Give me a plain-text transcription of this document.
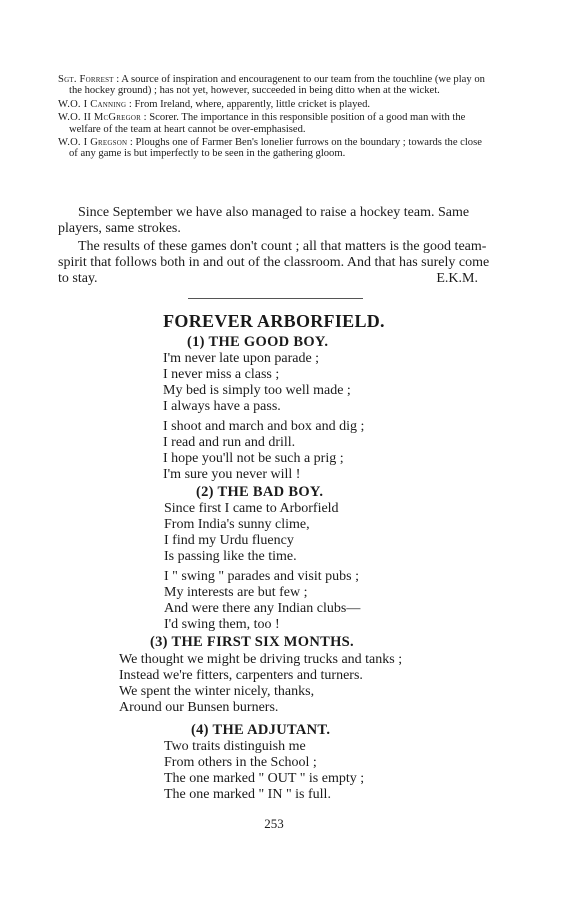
Sgt. Forrest : A source of inspiration and encouragenent to our team from the touchline (we play on the hockey ground) ; has not yet, however, succeeded in being ditto when at the wicket.
W.O. I Canning : From Ireland, where, apparently, little cricket is played.
W.O. II McGregor : Scorer. The importance in this responsible position of a good man with the welfare of the team at heart cannot be over-emphasised.
W.O. I Gregson : Ploughs one of Farmer Ben's lonelier furrows on the boundary ; towards the close of any game is but imperfectly to be seen in the gathering gloom.

Since September we have also managed to raise a hockey team. Same players, same strokes.

The results of these games don't count ; all that matters is the good team-spirit that follows both in and out of the classroom. And that has surely come to stay.	E.K.M.

FOREVER ARBORFIELD.
(1) THE GOOD BOY.
I'm never late upon parade ;
I never miss a class ;
My bed is simply too well made ;
I always have a pass.
I shoot and march and box and dig ;
I read and run and drill.
I hope you'll not be such a prig ;
I'm sure you never will !
(2) THE BAD BOY.
Since first I came to Arborfield
From India's sunny clime,
I find my Urdu fluency
Is passing like the time.
I " swing " parades and visit pubs ;
My interests are but few ;
And were there any Indian clubs—
I'd swing them, too !
(3) THE FIRST SIX MONTHS.
We thought we might be driving trucks and tanks ;
Instead we're fitters, carpenters and turners.
We spent the winter nicely, thanks,
Around our Bunsen burners.
(4) THE ADJUTANT.
Two traits distinguish me
From others in the School ;
The one marked " OUT " is empty ;
The one marked " IN " is full.
253
